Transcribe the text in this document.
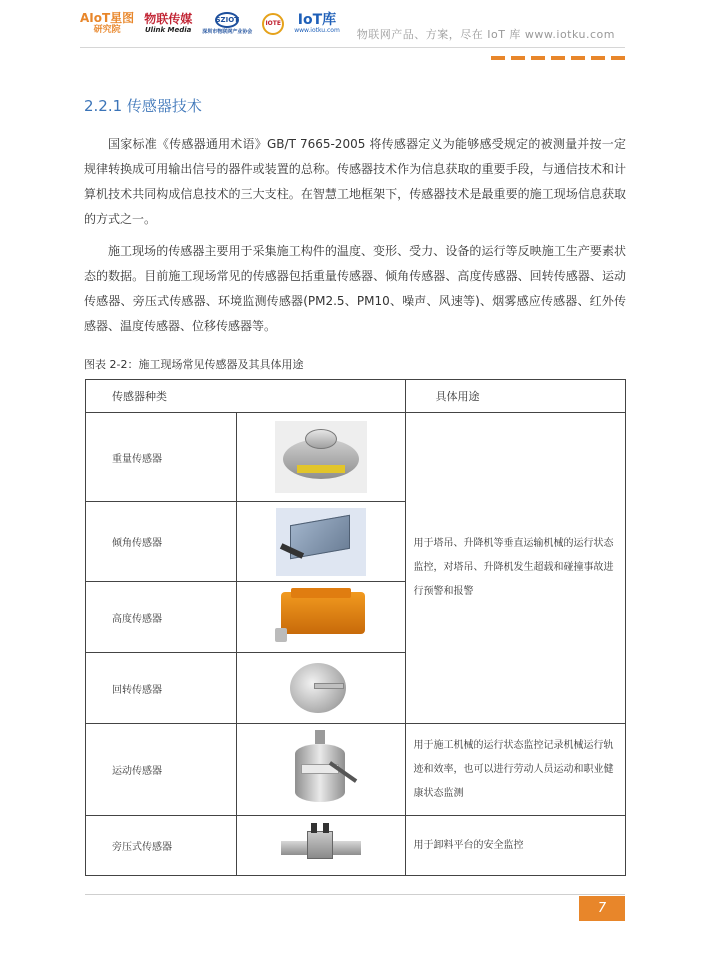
AIoT星图
研究院
物联传媒
Ulink Media
SZIOT
深圳市物联网产业协会
IOTE IoT库
www.iotku.com 物联网产品、方案，尽在 IoT 库 www.iotku.com
2.2.1 传感器技术

国家标准《传感器通用术语》GB/T 7665-2005 将传感器定义为能够感受规定的被测量并按一定规律转换成可用输出信号的器件或装置的总称。传感器技术作为信息获取的重要手段，与通信技术和计算机技术共同构成信息技术的三大支柱。在智慧工地框架下，传感器技术是最重要的施工现场信息获取的方式之一。

施工现场的传感器主要用于采集施工构件的温度、变形、受力、设备的运行等反映施工生产要素状态的数据。目前施工现场常见的传感器包括重量传感器、倾角传感器、高度传感器、回转传感器、运动传感器、旁压式传感器、环境监测传感器(PM2.5、PM10、噪声、风速等)、烟雾感应传感器、红外传感器、温度传感器、位移传感器等。

图表 2-2：施工现场常见传感器及其具体用途
传感器种类		具体用途
重量传感器		用于塔吊、升降机等垂直运输机械的运行状态监控，对塔吊、升降机发生超载和碰撞事故进行预警和报警
倾角传感器		

高度传感器		

回转传感器		

运动传感器		用于施工机械的运行状态监控记录机械运行轨迹和效率，也可以进行劳动人员运动和职业健康状态监测
旁压式传感器		用于卸料平台的安全监控
7
